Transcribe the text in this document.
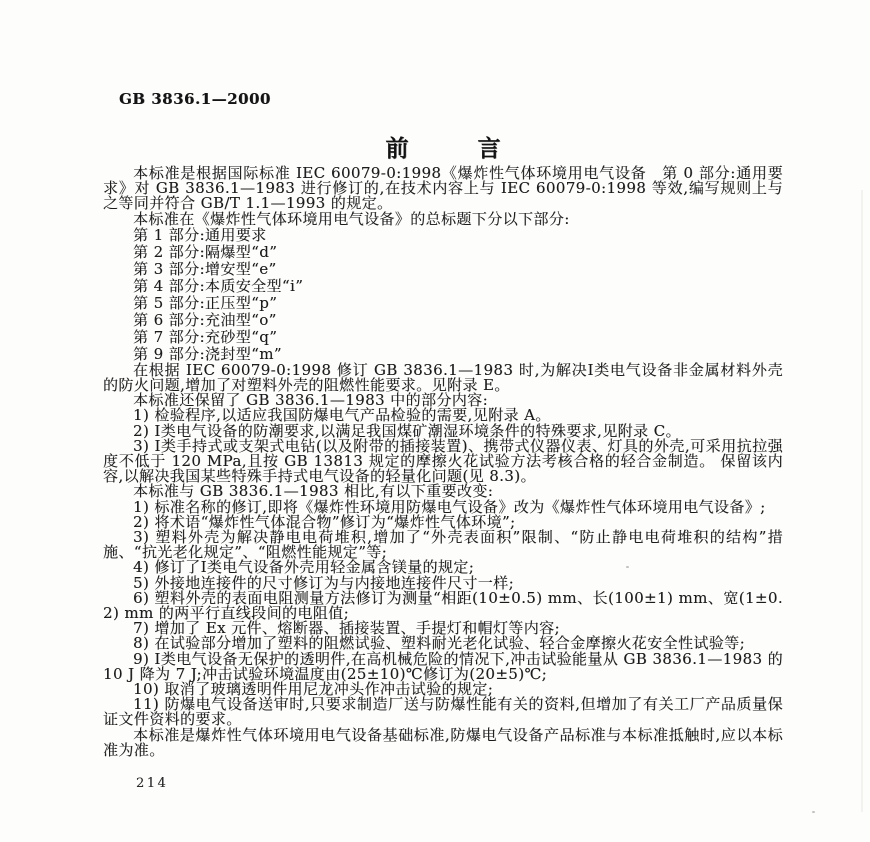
GB 3836.1—2000
前　　　言

本标准是根据国际标准 IEC 60079-0:1998《爆炸性气体环境用电气设备　第 0 部分:通用要求》对 GB 3836.1—1983 进行修订的,在技术内容上与 IEC 60079-0:1998 等效,编写规则上与之等同并符合 GB/T 1.1—1993 的规定。

本标准在《爆炸性气体环境用电气设备》的总标题下分以下部分:

第 1 部分:通用要求

第 2 部分:隔爆型“d”

第 3 部分:增安型“e”

第 4 部分:本质安全型“i”

第 5 部分:正压型“p”

第 6 部分:充油型“o”

第 7 部分:充砂型“q”

第 9 部分:浇封型“m”

在根据 IEC 60079-0:1998 修订 GB 3836.1—1983 时,为解决Ⅰ类电气设备非金属材料外壳的防火问题,增加了对塑料外壳的阻燃性能要求。见附录 E。

本标准还保留了 GB 3836.1—1983 中的部分内容:

1) 检验程序,以适应我国防爆电气产品检验的需要,见附录 A。

2) Ⅰ类电气设备的防潮要求,以满足我国煤矿潮湿环境条件的特殊要求,见附录 C。

3) Ⅰ类手持式或支架式电钻(以及附带的插接装置)、携带式仪器仪表、灯具的外壳,可采用抗拉强度不低于 120 MPa,且按 GB 13813 规定的摩擦火花试验方法考核合格的轻合金制造。 保留该内容,以解决我国某些特殊手持式电气设备的轻量化问题(见 8.3)。

本标准与 GB 3836.1—1983 相比,有以下重要改变:

1) 标准名称的修订,即将《爆炸性环境用防爆电气设备》改为《爆炸性气体环境用电气设备》;

2) 将术语“爆炸性气体混合物”修订为“爆炸性气体环境”;

3) 塑料外壳为解决静电电荷堆积,增加了“外壳表面积”限制、“防止静电电荷堆积的结构”措施、“抗光老化规定”、“阻燃性能规定”等;

4) 修订了Ⅰ类电气设备外壳用轻金属含镁量的规定;

5) 外接地连接件的尺寸修订为与内接地连接件尺寸一样;

6) 塑料外壳的表面电阻测量方法修订为测量“相距(10±0.5) mm、长(100±1) mm、宽(1±0.2) mm 的两平行直线段间的电阻值;

7) 增加了 Ex 元件、熔断器、插接装置、手提灯和帽灯等内容;

8) 在试验部分增加了塑料的阻燃试验、塑料耐光老化试验、轻合金摩擦火花安全性试验等;

9) Ⅰ类电气设备无保护的透明件,在高机械危险的情况下,冲击试验能量从 GB 3836.1—1983 的 10 J 降为 7 J;冲击试验环境温度由(25±10)℃修订为(20±5)℃;

10) 取消了玻璃透明件用尼龙冲头作冲击试验的规定;

11) 防爆电气设备送审时,只要求制造厂送与防爆性能有关的资料,但增加了有关工厂产品质量保证文件资料的要求。

本标准是爆炸性气体环境用电气设备基础标准,防爆电气设备产品标准与本标准抵触时,应以本标准为准。

214
